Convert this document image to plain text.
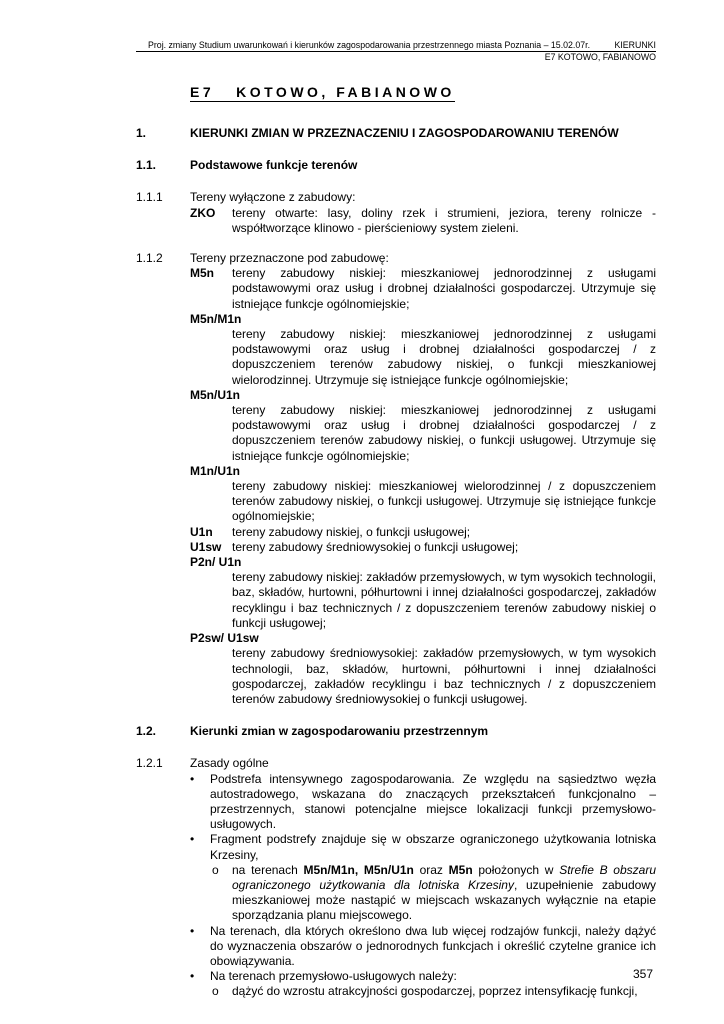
Proj. zmiany Studium uwarunkowań i kierunków zagospodarowania przestrzennego miasta Poznania – 15.02.07r.	KIERUNKI
E7 KOTOWO, FABIANOWO
E7 KOTOWO, FABIANOWO
1.	KIERUNKI ZMIAN W PRZEZNACZENIU I ZAGOSPODAROWANIU TERENÓW
1.1.	Podstawowe funkcje terenów
1.1.1 Tereny wyłączone z zabudowy:
ZKO tereny otwarte: lasy, doliny rzek i strumieni, jeziora, tereny rolnicze - współtworzące klinowo - pierścieniowy system zieleni.
1.1.2 Tereny przeznaczone pod zabudowę:
M5n tereny zabudowy niskiej: mieszkaniowej jednorodzinnej z usługami podstawowymi oraz usług i drobnej działalności gospodarczej. Utrzymuje się istniejące funkcje ogólnomiejskie;
M5n/M1n
tereny zabudowy niskiej: mieszkaniowej jednorodzinnej z usługami podstawowymi oraz usług i drobnej działalności gospodarczej / z dopuszczeniem terenów zabudowy niskiej, o funkcji mieszkaniowej wielorodzinnej. Utrzymuje się istniejące funkcje ogólnomiejskie;
M5n/U1n
tereny zabudowy niskiej: mieszkaniowej jednorodzinnej z usługami podstawowymi oraz usług i drobnej działalności gospodarczej / z dopuszczeniem terenów zabudowy niskiej, o funkcji usługowej. Utrzymuje się istniejące funkcje ogólnomiejskie;
M1n/U1n
tereny zabudowy niskiej: mieszkaniowej wielorodzinnej / z dopuszczeniem terenów zabudowy niskiej, o funkcji usługowej. Utrzymuje się istniejące funkcje ogólnomiejskie;
U1n tereny zabudowy niskiej, o funkcji usługowej;
U1sw tereny zabudowy średniowysokiej o funkcji usługowej;
P2n/ U1n
tereny zabudowy niskiej: zakładów przemysłowych, w tym wysokich technologii, baz, składów, hurtowni, półhurtowni i innej działalności gospodarczej, zakładów recyklingu i baz technicznych / z dopuszczeniem terenów zabudowy niskiej o funkcji usługowej;
P2sw/ U1sw
tereny zabudowy średniowysokiej: zakładów przemysłowych, w tym wysokich technologii, baz, składów, hurtowni, półhurtowni i innej działalności gospodarczej, zakładów recyklingu i baz technicznych / z dopuszczeniem terenów zabudowy średniowysokiej o funkcji usługowej.
1.2.	Kierunki zmian w zagospodarowaniu przestrzennym
1.2.1 Zasady ogólne
• Podstrefa intensywnego zagospodarowania. Ze względu na sąsiedztwo węzła autostradowego, wskazana do znaczących przekształceń funkcjonalno – przestrzennych, stanowi potencjalne miejsce lokalizacji funkcji przemysłowo-usługowych.
• Fragment podstrefy znajduje się w obszarze ograniczonego użytkowania lotniska Krzesiny,
o na terenach M5n/M1n, M5n/U1n oraz M5n położonych w Strefie B obszaru ograniczonego użytkowania dla lotniska Krzesiny, uzupełnienie zabudowy mieszkaniowej może nastąpić w miejscach wskazanych wyłącznie na etapie sporządzania planu miejscowego.
• Na terenach, dla których określono dwa lub więcej rodzajów funkcji, należy dążyć do wyznaczenia obszarów o jednorodnych funkcjach i określić czytelne granice ich obowiązywania.
• Na terenach przemysłowo-usługowych należy:
o dążyć do wzrostu atrakcyjności gospodarczej, poprzez intensyfikację funkcji,
357
